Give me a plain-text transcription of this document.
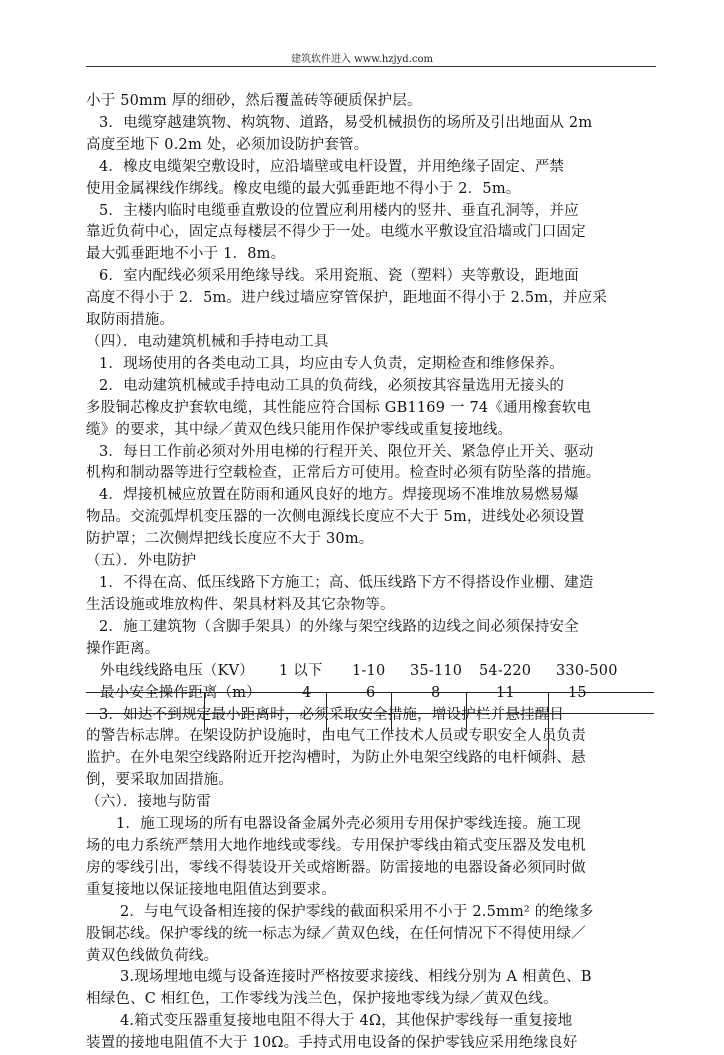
建筑软件进入 www.hzjyd.com

小于 50mm 厚的细砂，然后覆盖砖等硬质保护层。

3．电缆穿越建筑物、构筑物、道路，易受机械损伤的场所及引出地面从 2m

高度至地下 0.2m 处，必须加设防护套管。

4．橡皮电缆架空敷设时，应沿墙壁或电杆设置，并用绝缘子固定、严禁

使用金属裸线作绑线。橡皮电缆的最大弧垂距地不得小于 2．5m。

5．主楼内临时电缆垂直敷设的位置应利用楼内的竖井、垂直孔洞等，并应

靠近负荷中心，固定点每楼层不得少于一处。电缆水平敷设宜沿墙或门口固定

最大弧垂距地不小于 1．8m。

6．室内配线必须采用绝缘导线。采用瓷瓶、瓷（塑料）夹等敷设，距地面

高度不得小于 2．5m。进户线过墙应穿管保护，距地面不得小于 2.5m，并应采

取防雨措施。

（四）．电动建筑机械和手持电动工具

1．现场使用的各类电动工具，均应由专人负责，定期检查和维修保养。

2．电动建筑机械或手持电动工具的负荷线，必须按其容量选用无接头的

多股铜芯橡皮护套软电缆，其性能应符合国标 GB1169 一 74《通用橡套软电

缆》的要求，其中绿／黄双色线只能用作保护零线或重复接地线。

3．每日工作前必须对外用电梯的行程开关、限位开关、紧急停止开关、驱动

机构和制动器等进行空载检查，正常后方可使用。检查时必须有防坠落的措施。

4．焊接机械应放置在防雨和通风良好的地方。焊接现场不准堆放易燃易爆

物品。交流弧焊机变压器的一次侧电源线长度应不大于 5m，进线处必须设置

防护罩；二次侧焊把线长度应不大于 30m。

（五）．外电防护

1．不得在高、低压线路下方施工；高、低压线路下方不得搭设作业棚、建造

生活设施或堆放构件、架具材料及其它杂物等。

2．施工建筑物（含脚手架具）的外缘与架空线路的边线之间必须保持安全

操作距离。

外电线线路电压（KV） 1 以下 1-10 35-110 54-220 330-500
最小安全操作距离（m）	4	6	8	11	15

3．如达不到规定最小距离时，必须采取安全措施，增设护栏并悬挂醒目

的警告标志牌。在架设防护设施时，由电气工作技术人员或专职安全人员负责

监护。在外电架空线路附近开挖沟槽时，为防止外电架空线路的电杆倾斜、悬

倒，要采取加固措施。

（六）．接地与防雷

1．施工现场的所有电器设备金属外壳必须用专用保护零线连接。施工现

场的电力系统严禁用大地作地线或零线。专用保护零线由箱式变压器及发电机

房的零线引出，零线不得装设开关或熔断器。防雷接地的电器设备必须同时做

重复接地以保证接地电阻值达到要求。

2．与电气设备相连接的保护零线的截面积采用不小于 2.5mm² 的绝缘多

股铜芯线。保护零线的统一标志为绿／黄双色线，在任何情况下不得使用绿／

黄双色线做负荷线。

3.现场埋地电缆与设备连接时严格按要求接线、相线分别为 A 相黄色、B

相绿色、C 相红色，工作零线为浅兰色，保护接地零线为绿／黄双色线。

4.箱式变压器重复接地电阻不得大于 4Ω，其他保护零线每一重复接地

装置的接地电阻值不大于 10Ω。手持式用电设备的保护零钱应采用绝缘良好
